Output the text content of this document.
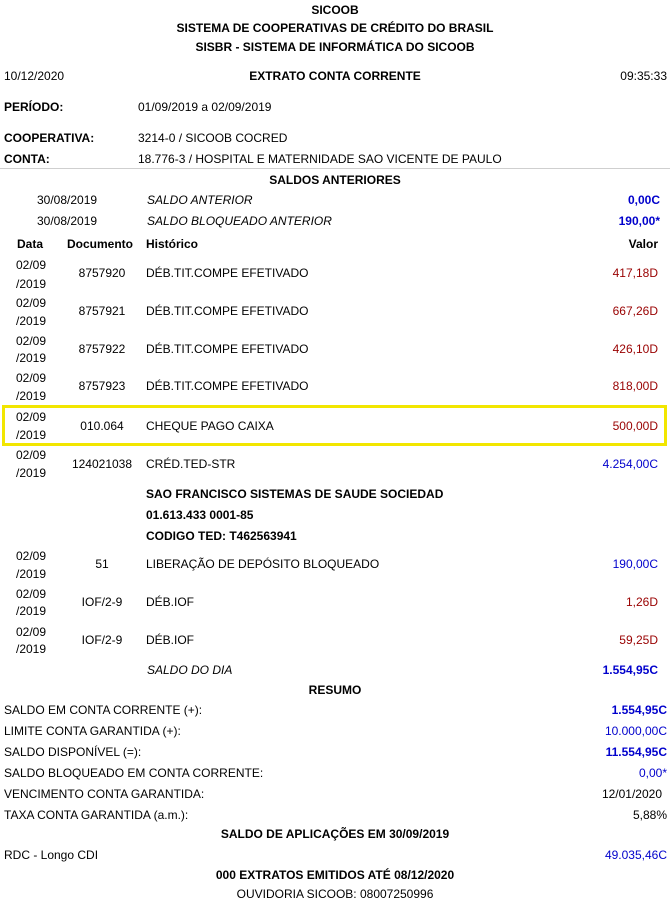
SICOOB
SISTEMA DE COOPERATIVAS DE CRÉDITO DO BRASIL
SISBR - SISTEMA DE INFORMÁTICA DO SICOOB
10/12/2020	EXTRATO CONTA CORRENTE	09:35:33
PERÍODO:	01/09/2019 a 02/09/2019
COOPERATIVA:	3214-0 / SICOOB COCRED
CONTA:	18.776-3 / HOSPITAL E MATERNIDADE SAO VICENTE DE PAULO
SALDOS ANTERIORES
30/08/2019	SALDO ANTERIOR	0,00C
30/08/2019	SALDO BLOQUEADO ANTERIOR	190,00*
Data Documento Histórico	Valor
02/09
/2019
8757920	DÉB.TIT.COMPE EFETIVADO	417,18D
02/09
/2019
8757921	DÉB.TIT.COMPE EFETIVADO	667,26D
02/09
/2019
8757922	DÉB.TIT.COMPE EFETIVADO	426,10D
02/09
/2019
8757923	DÉB.TIT.COMPE EFETIVADO	818,00D
02/09
/2019
010.064	CHEQUE PAGO CAIXA	500,00D
02/09
/2019
124021038	CRÉD.TED-STR	4.254,00C
SAO FRANCISCO SISTEMAS DE SAUDE SOCIEDAD
01.613.433 0001-85
CODIGO TED: T462563941
02/09
/2019
51	LIBERAÇÃO DE DEPÓSITO BLOQUEADO	190,00C
02/09
/2019
IOF/2-9	DÉB.IOF	1,26D
02/09
/2019
IOF/2-9	DÉB.IOF	59,25D
SALDO DO DIA	1.554,95C
RESUMO
SALDO EM CONTA CORRENTE (+):	1.554,95C
LIMITE CONTA GARANTIDA (+):	10.000,00C
SALDO DISPONÍVEL (=):	11.554,95C
SALDO BLOQUEADO EM CONTA CORRENTE:	0,00*
VENCIMENTO CONTA GARANTIDA:	12/01/2020
TAXA CONTA GARANTIDA (a.m.):	5,88%
SALDO DE APLICAÇÕES EM 30/09/2019
RDC - Longo CDI	49.035,46C
000 EXTRATOS EMITIDOS ATÉ 08/12/2020
OUVIDORIA SICOOB: 08007250996
